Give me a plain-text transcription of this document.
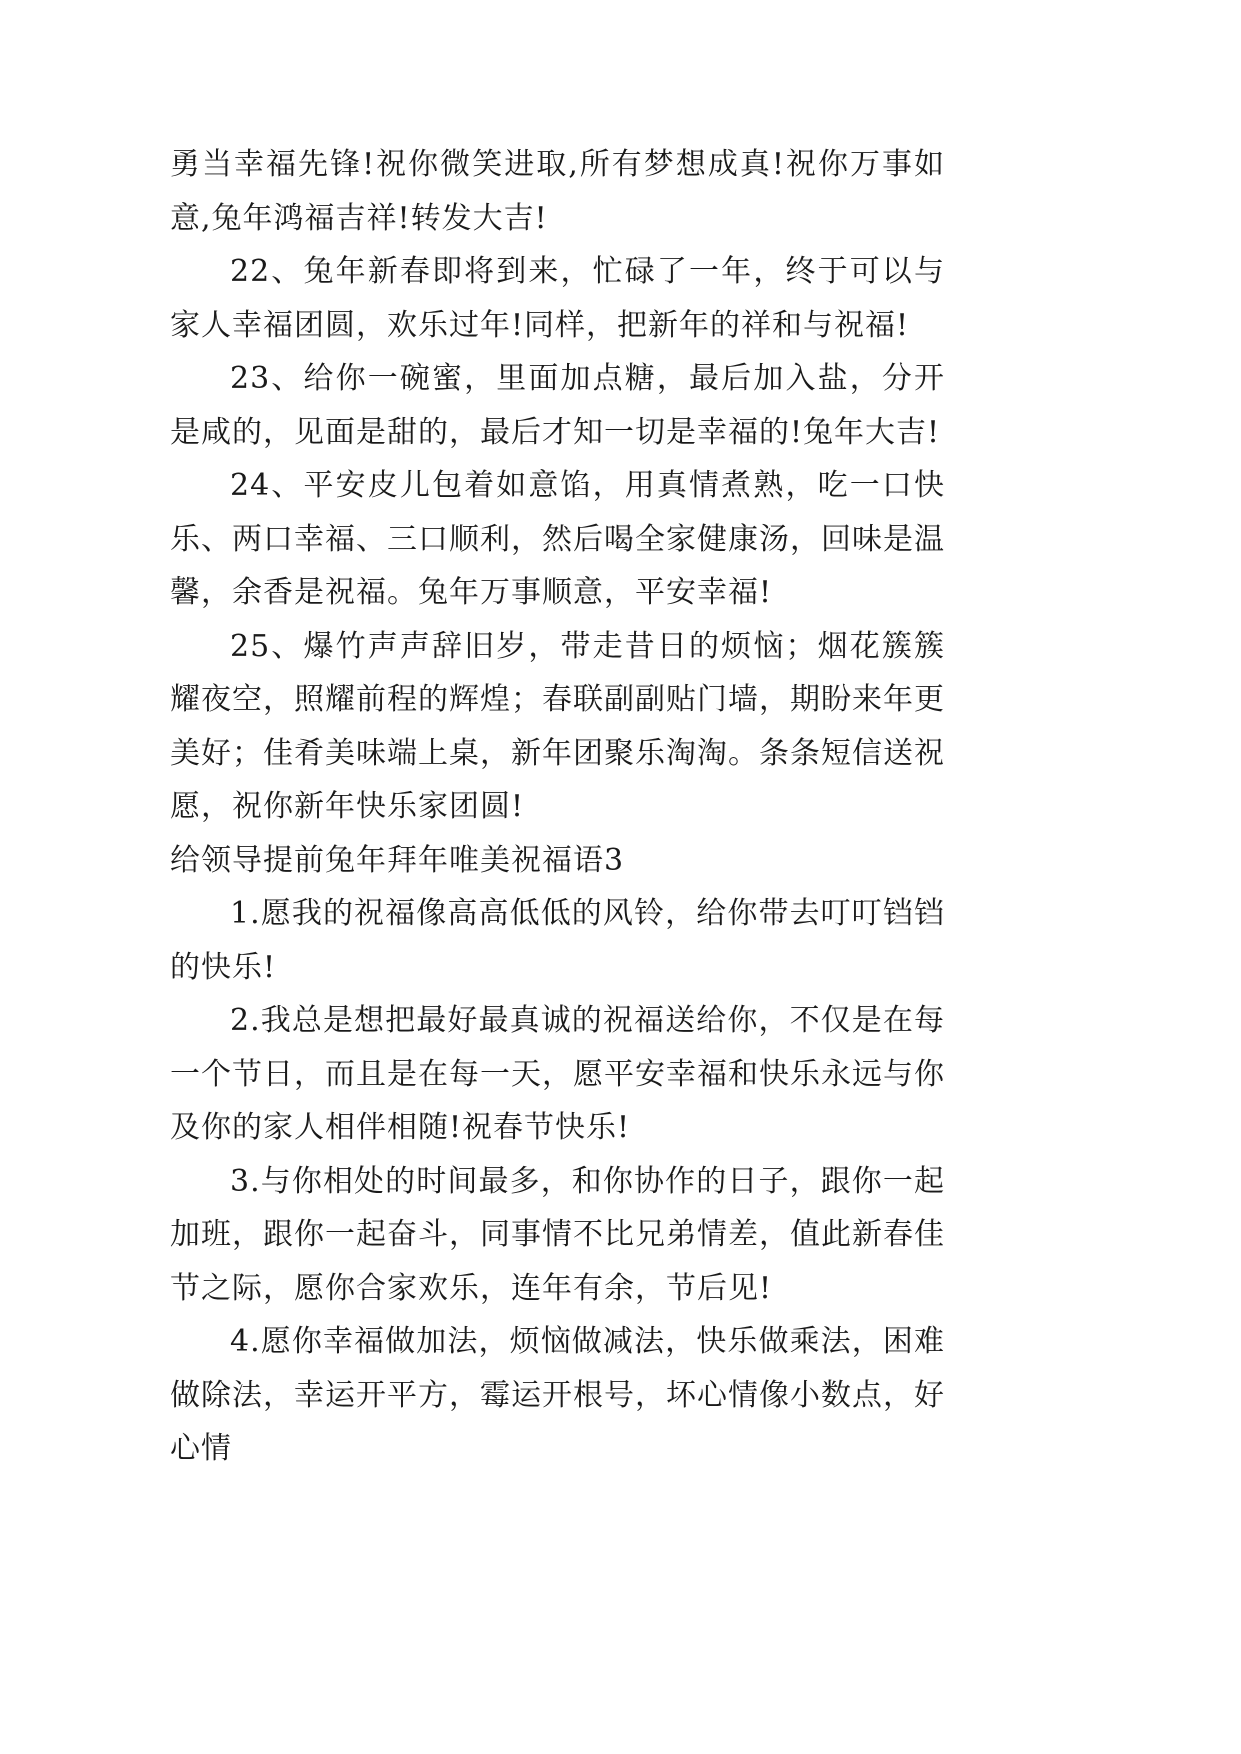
勇当幸福先锋!祝你微笑进取,所有梦想成真!祝你万事如意,兔年鸿福吉祥!转发大吉!

22、兔年新春即将到来，忙碌了一年，终于可以与家人幸福团圆，欢乐过年!同样，把新年的祥和与祝福!

23、给你一碗蜜，里面加点糖，最后加入盐，分开是咸的，见面是甜的，最后才知一切是幸福的!兔年大吉!

24、平安皮儿包着如意馅，用真情煮熟，吃一口快乐、两口幸福、三口顺利，然后喝全家健康汤，回味是温馨，余香是祝福。兔年万事顺意，平安幸福!

25、爆竹声声辞旧岁，带走昔日的烦恼；烟花簇簇耀夜空，照耀前程的辉煌；春联副副贴门墙，期盼来年更美好；佳肴美味端上桌，新年团聚乐淘淘。条条短信送祝愿，祝你新年快乐家团圆!

给领导提前兔年拜年唯美祝福语3

1.愿我的祝福像高高低低的风铃，给你带去叮叮铛铛的快乐!

2.我总是想把最好最真诚的祝福送给你，不仅是在每一个节日，而且是在每一天，愿平安幸福和快乐永远与你及你的家人相伴相随!祝春节快乐!

3.与你相处的时间最多，和你协作的日子，跟你一起加班，跟你一起奋斗，同事情不比兄弟情差，值此新春佳节之际，愿你合家欢乐，连年有余，节后见!

4.愿你幸福做加法，烦恼做减法，快乐做乘法，困难做除法，幸运开平方，霉运开根号，坏心情像小数点，好心情
